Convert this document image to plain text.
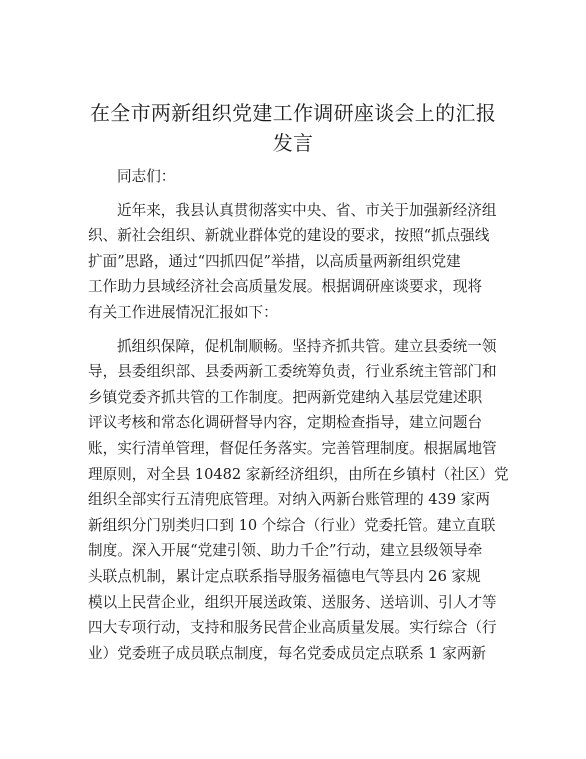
在全市两新组织党建工作调研座谈会上的汇报
发言
同志们：
近年来，我县认真贯彻落实中央、省、市关于加强新经济组
织、新社会组织、新就业群体党的建设的要求，按照“抓点强线
扩面”思路，通过“四抓四促”举措，以高质量两新组织党建
工作助力县域经济社会高质量发展。根据调研座谈要求，现将
有关工作进展情况汇报如下：
抓组织保障，促机制顺畅。坚持齐抓共管。建立县委统一领
导，县委组织部、县委两新工委统筹负责，行业系统主管部门和
乡镇党委齐抓共管的工作制度。把两新党建纳入基层党建述职
评议考核和常态化调研督导内容，定期检查指导，建立问题台
账，实行清单管理，督促任务落实。完善管理制度。根据属地管
理原则，对全县 10482 家新经济组织，由所在乡镇村（社区）党
组织全部实行五清兜底管理。对纳入两新台账管理的 439 家两
新组织分门别类归口到 10 个综合（行业）党委托管。建立直联
制度。深入开展“党建引领、助力千企”行动，建立县级领导牵
头联点机制，累计定点联系指导服务福德电气等县内 26 家规
模以上民营企业，组织开展送政策、送服务、送培训、引人才等
四大专项行动，支持和服务民营企业高质量发展。实行综合（行
业）党委班子成员联点制度，每名党委成员定点联系 1 家两新
